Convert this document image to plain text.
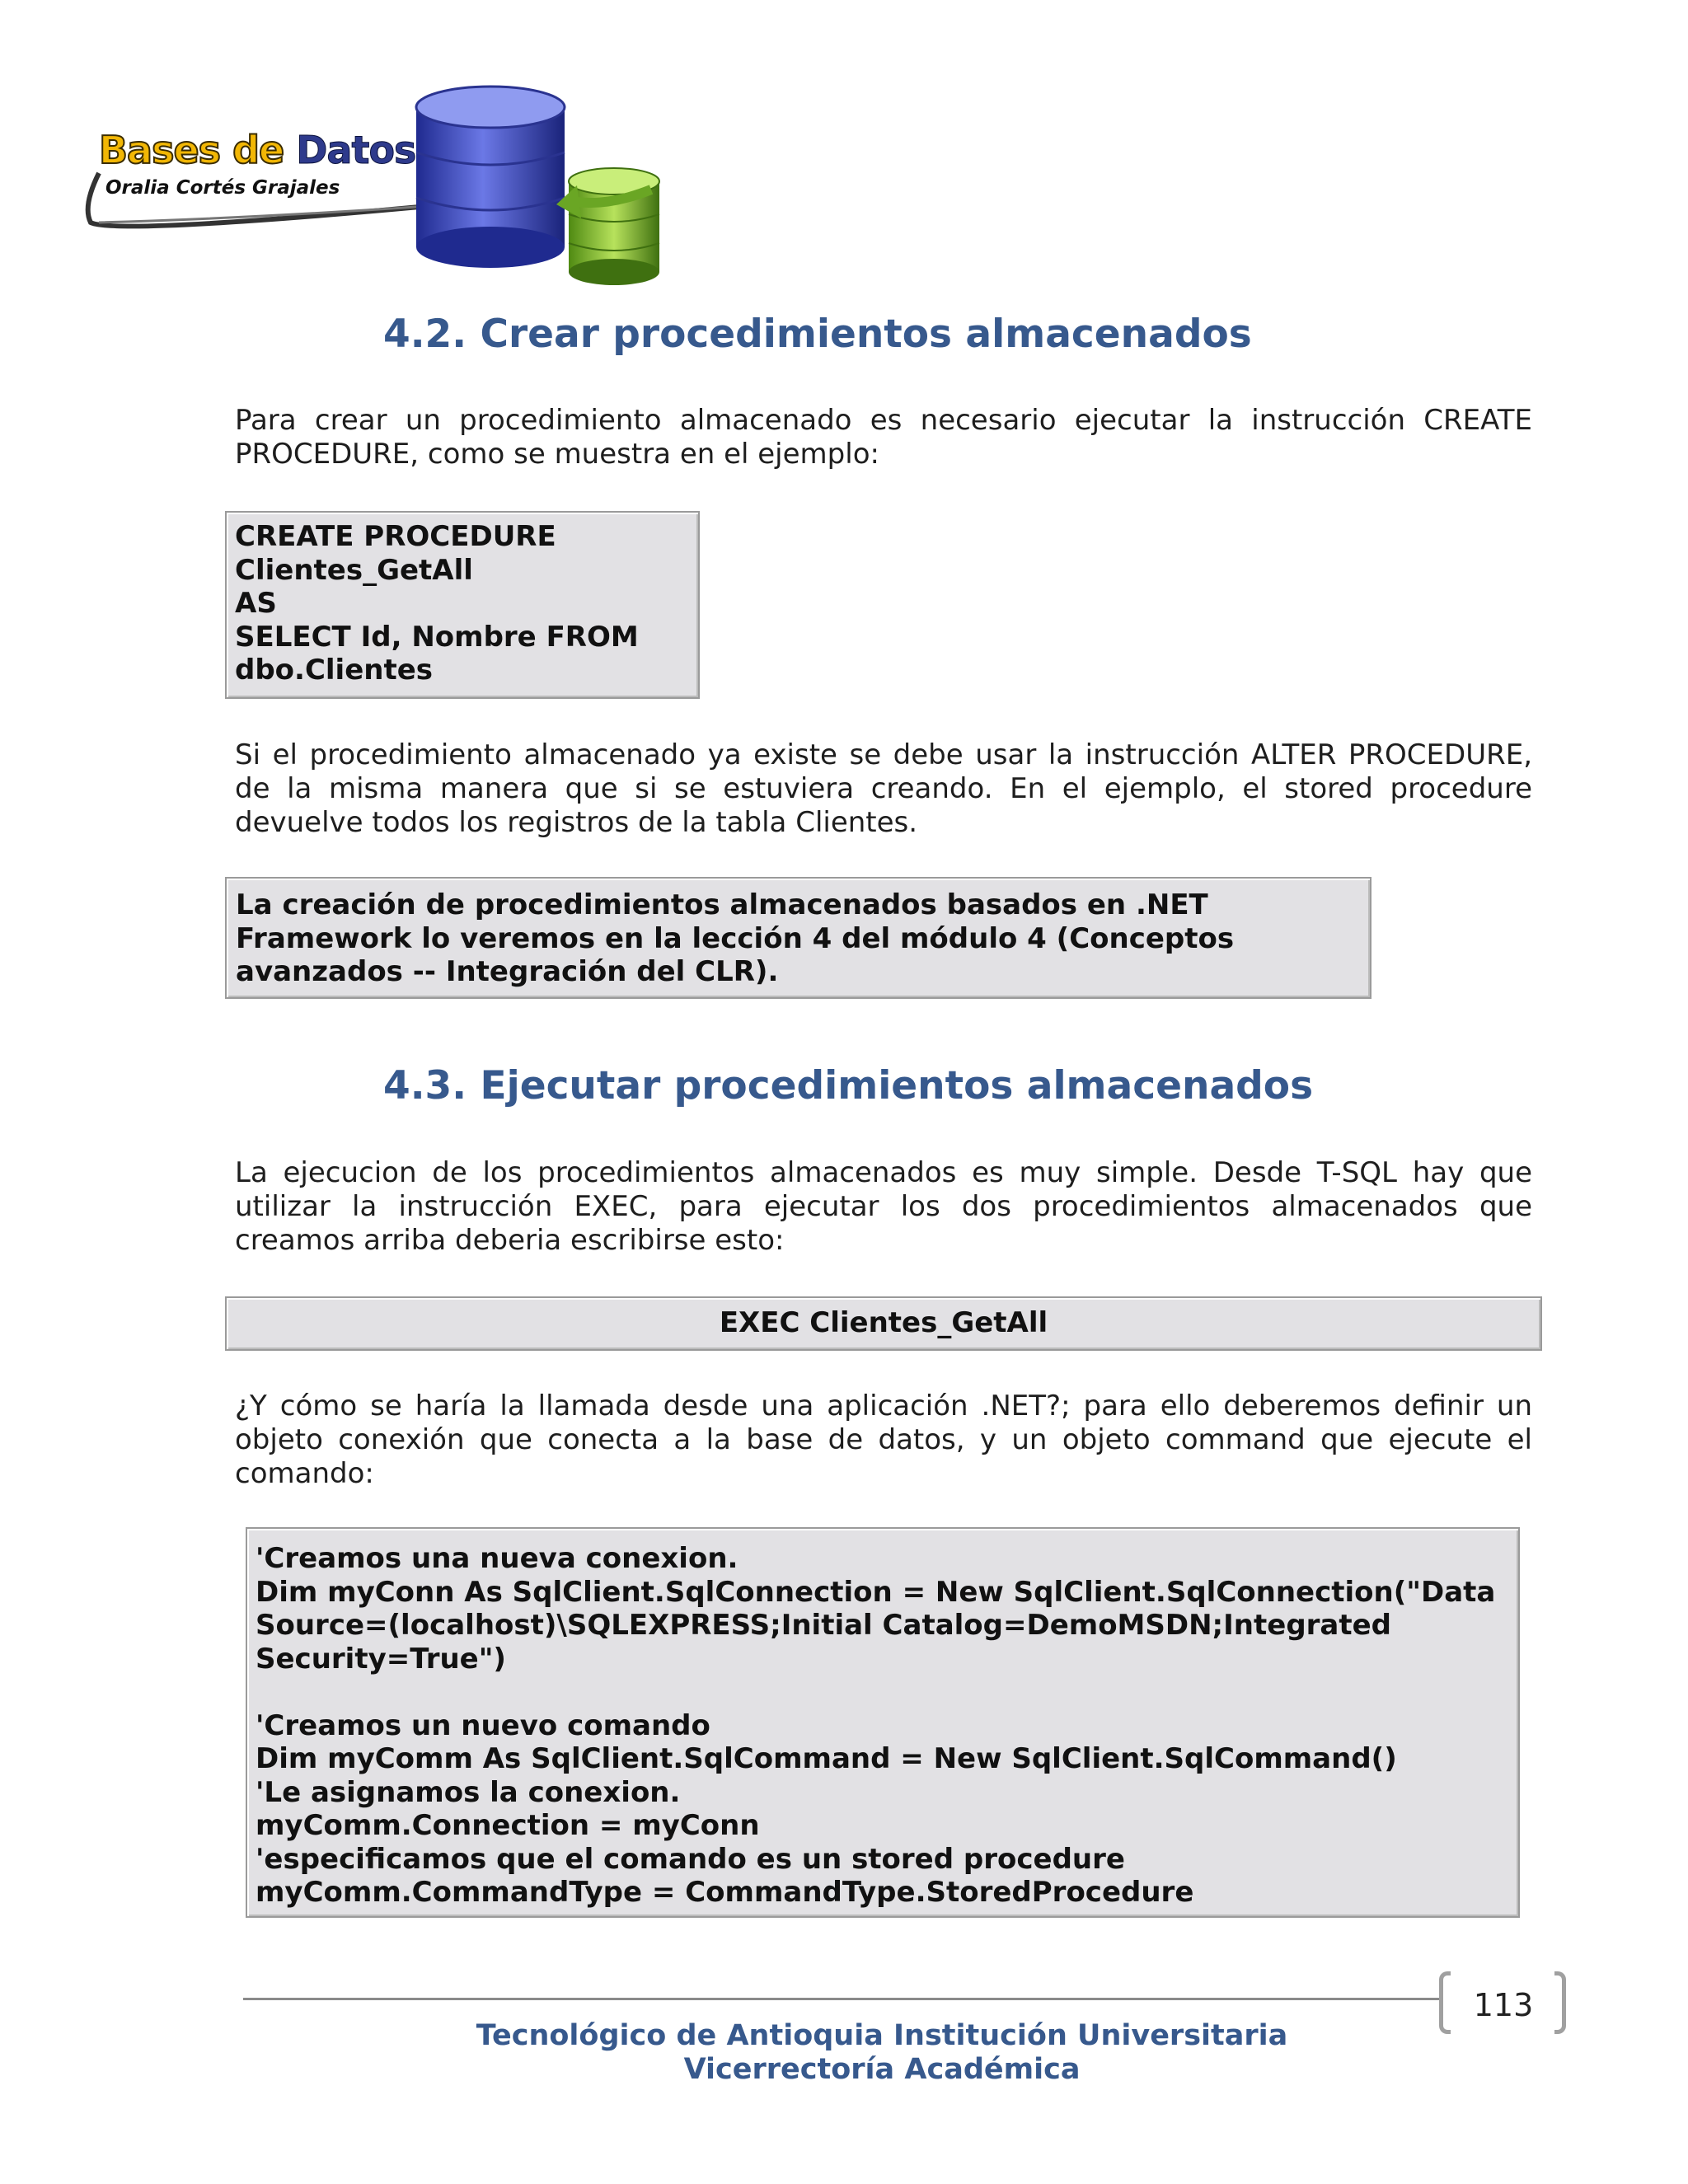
Bases de Datos
Oralia Cortés Grajales
4.2. Crear procedimientos almacenados

Para crear un procedimiento almacenado es necesario ejecutar la instrucción CREATE PROCEDURE, como se muestra en el ejemplo:

CREATE PROCEDURE
Clientes_GetAll
AS
SELECT Id, Nombre FROM
dbo.Clientes

Si el procedimiento almacenado ya existe se debe usar la instrucción ALTER PROCEDURE, de la misma manera que si se estuviera creando. En el ejemplo, el stored procedure devuelve todos los registros de la tabla Clientes.

La creación de procedimientos almacenados basados en .NET
Framework lo veremos en la lección 4 del módulo 4 (Conceptos
avanzados -- Integración del CLR).
4.3. Ejecutar procedimientos almacenados

La ejecucion de los procedimientos almacenados es muy simple. Desde T-SQL hay que utilizar la instrucción EXEC, para ejecutar los dos procedimientos almacenados que creamos arriba deberia escribirse esto:

EXEC Clientes_GetAll

¿Y cómo se haría la llamada desde una aplicación .NET?; para ello deberemos definir un objeto conexión que conecta a la base de datos, y un objeto command que ejecute el comando:

'Creamos una nueva conexion.
Dim myConn As SqlClient.SqlConnection = New SqlClient.SqlConnection("Data
Source=(localhost)\SQLEXPRESS;Initial Catalog=DemoMSDN;Integrated
Security=True")
'Creamos un nuevo comando
Dim myComm As SqlClient.SqlCommand = New SqlClient.SqlCommand()
'Le asignamos la conexion.
myComm.Connection = myConn
'especificamos que el comando es un stored procedure
myComm.CommandType = CommandType.StoredProcedure
113
Tecnológico de Antioquia Institución Universitaria
Vicerrectoría Académica
